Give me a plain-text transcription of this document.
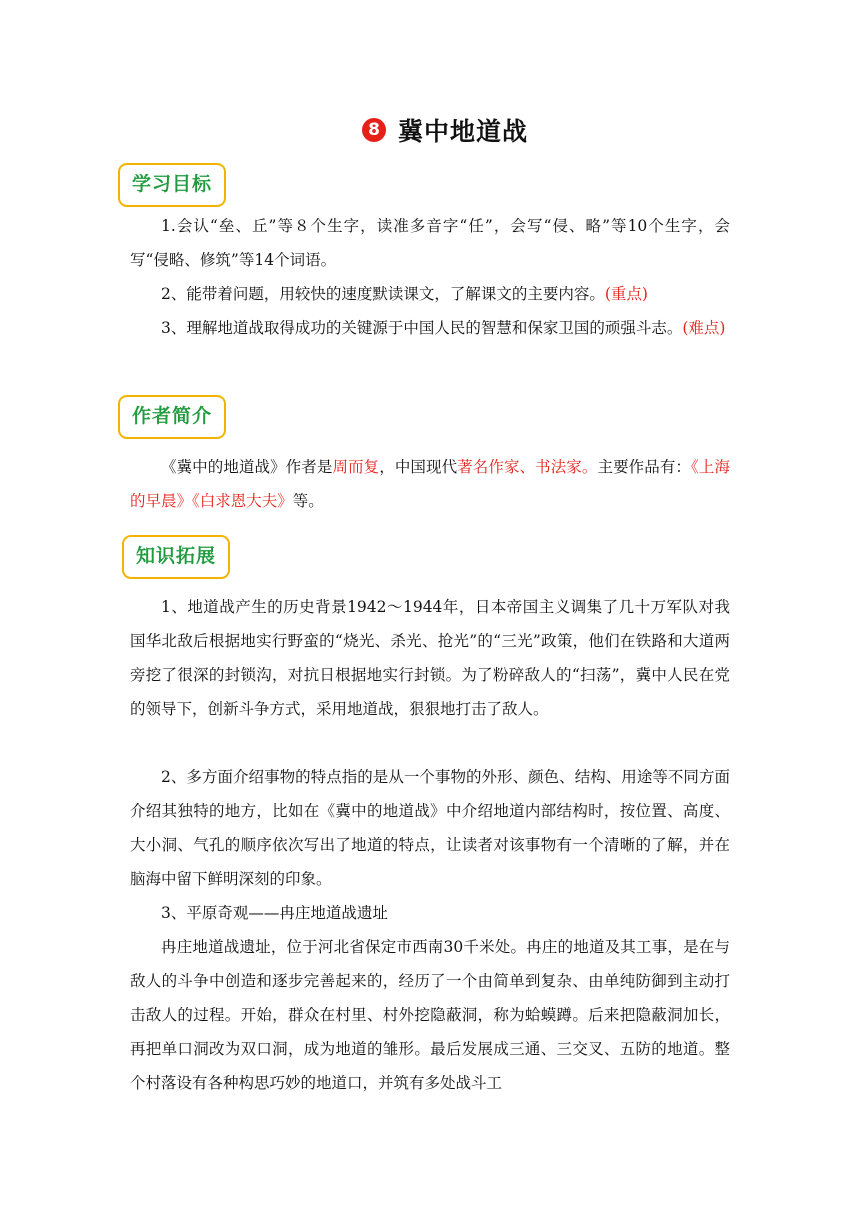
8 冀中地道战
学习目标

1.会认“垒、丘”等８个生字，读准多音字“任”，会写“侵、略”等10个生字，会写“侵略、修筑”等14个词语。

2、能带着问题，用较快的速度默读课文，了解课文的主要内容。(重点)

3、理解地道战取得成功的关键源于中国人民的智慧和保家卫国的顽强斗志。(难点)

作者简介

《冀中的地道战》作者是周而复，中国现代著名作家、书法家。主要作品有：《上海的早晨》《白求恩大夫》等。

知识拓展

1、地道战产生的历史背景1942～1944年，日本帝国主义调集了几十万军队对我国华北敌后根据地实行野蛮的“烧光、杀光、抢光”的“三光”政策，他们在铁路和大道两旁挖了很深的封锁沟，对抗日根据地实行封锁。为了粉碎敌人的“扫荡”，冀中人民在党的领导下，创新斗争方式，采用地道战，狠狠地打击了敌人。

2、多方面介绍事物的特点指的是从一个事物的外形、颜色、结构、用途等不同方面介绍其独特的地方，比如在《冀中的地道战》中介绍地道内部结构时，按位置、高度、大小洞、气孔的顺序依次写出了地道的特点，让读者对该事物有一个清晰的了解，并在脑海中留下鲜明深刻的印象。

3、平原奇观——冉庄地道战遗址

冉庄地道战遗址，位于河北省保定市西南30千米处。冉庄的地道及其工事，是在与敌人的斗争中创造和逐步完善起来的，经历了一个由简单到复杂、由单纯防御到主动打击敌人的过程。开始，群众在村里、村外挖隐蔽洞，称为蛤蟆蹲。后来把隐蔽洞加长，再把单口洞改为双口洞，成为地道的雏形。最后发展成三通、三交叉、五防的地道。整个村落设有各种构思巧妙的地道口，并筑有多处战斗工
